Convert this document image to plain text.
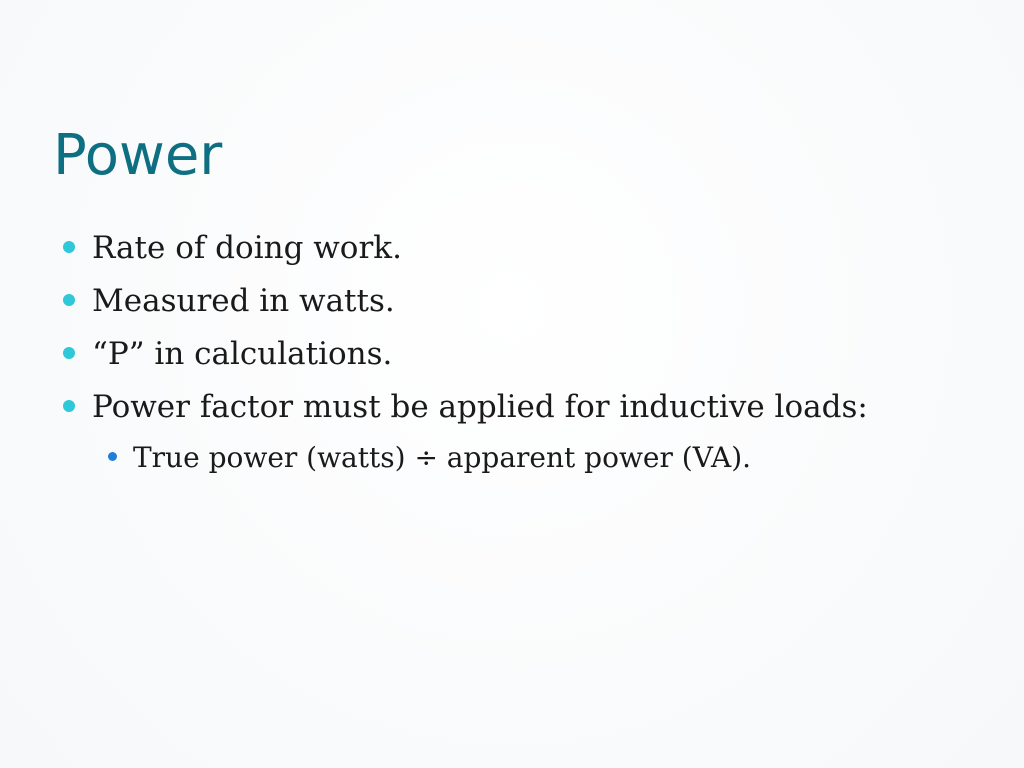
Power
Rate of doing work.
Measured in watts.
“P” in calculations.
Power factor must be applied for inductive loads:
True power (watts) ÷ apparent power (VA).
